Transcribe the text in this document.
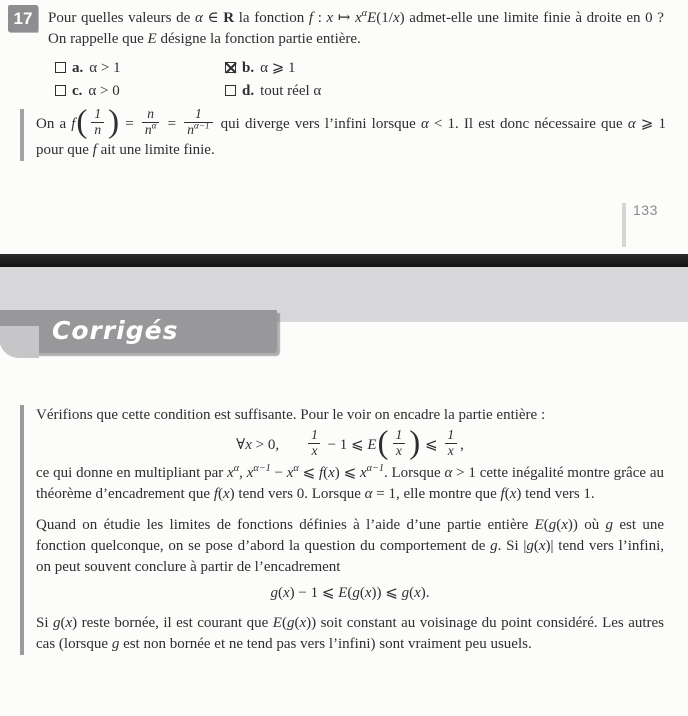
17	Pour quelles valeurs de α ∈ R la fonction f : x ↦ $x^\alpha E(1/x)$ admet-elle une limite finie à droite en 0 ? On rappelle que E désigne la fonction partie entière.
a. α > 1	b. α ⩾ 1
c. α > 0	d. tout réel α
On a $f( \frac{1}{n}$ ) = $\frac{n}{n^\alpha} = \frac{1}{n^{\alpha-1}}$ qui diverge vers l’infini lorsque α < 1. Il est donc nécessaire que α ⩾ 1 pour que f ait une limite finie.
133
Corrigés

Vérifions que cette condition est suffisante. Pour le voir on encadre la partie entière :

∀x > 0, $\frac{1}{x} - 1$ ⩽ $E( \frac{1}{x}$ ) ⩽ $\frac{1}{x}$ ,

ce qui donne en multipliant par $x^\alpha$, $x^{\alpha-1} - x^\alpha$ ⩽ f(x) ⩽ $x^{\alpha-1}$. Lorsque α > 1 cette inégalité montre grâce au théorème d’encadrement que f(x) tend vers 0. Lorsque α = 1, elle montre que f(x) tend vers 1.

Quand on étudie les limites de fonctions définies à l’aide d’une partie entière E(g(x)) où g est une fonction quelconque, on se pose d’abord la question du comportement de g. Si |g(x)| tend vers l’infini, on peut souvent conclure à partir de l’encadrement

g(x) − 1 ⩽ E(g(x)) ⩽ g(x).

Si g(x) reste bornée, il est courant que E(g(x)) soit constant au voisinage du point considéré. Les autres cas (lorsque g est non bornée et ne tend pas vers l’infini) sont vraiment peu usuels.
